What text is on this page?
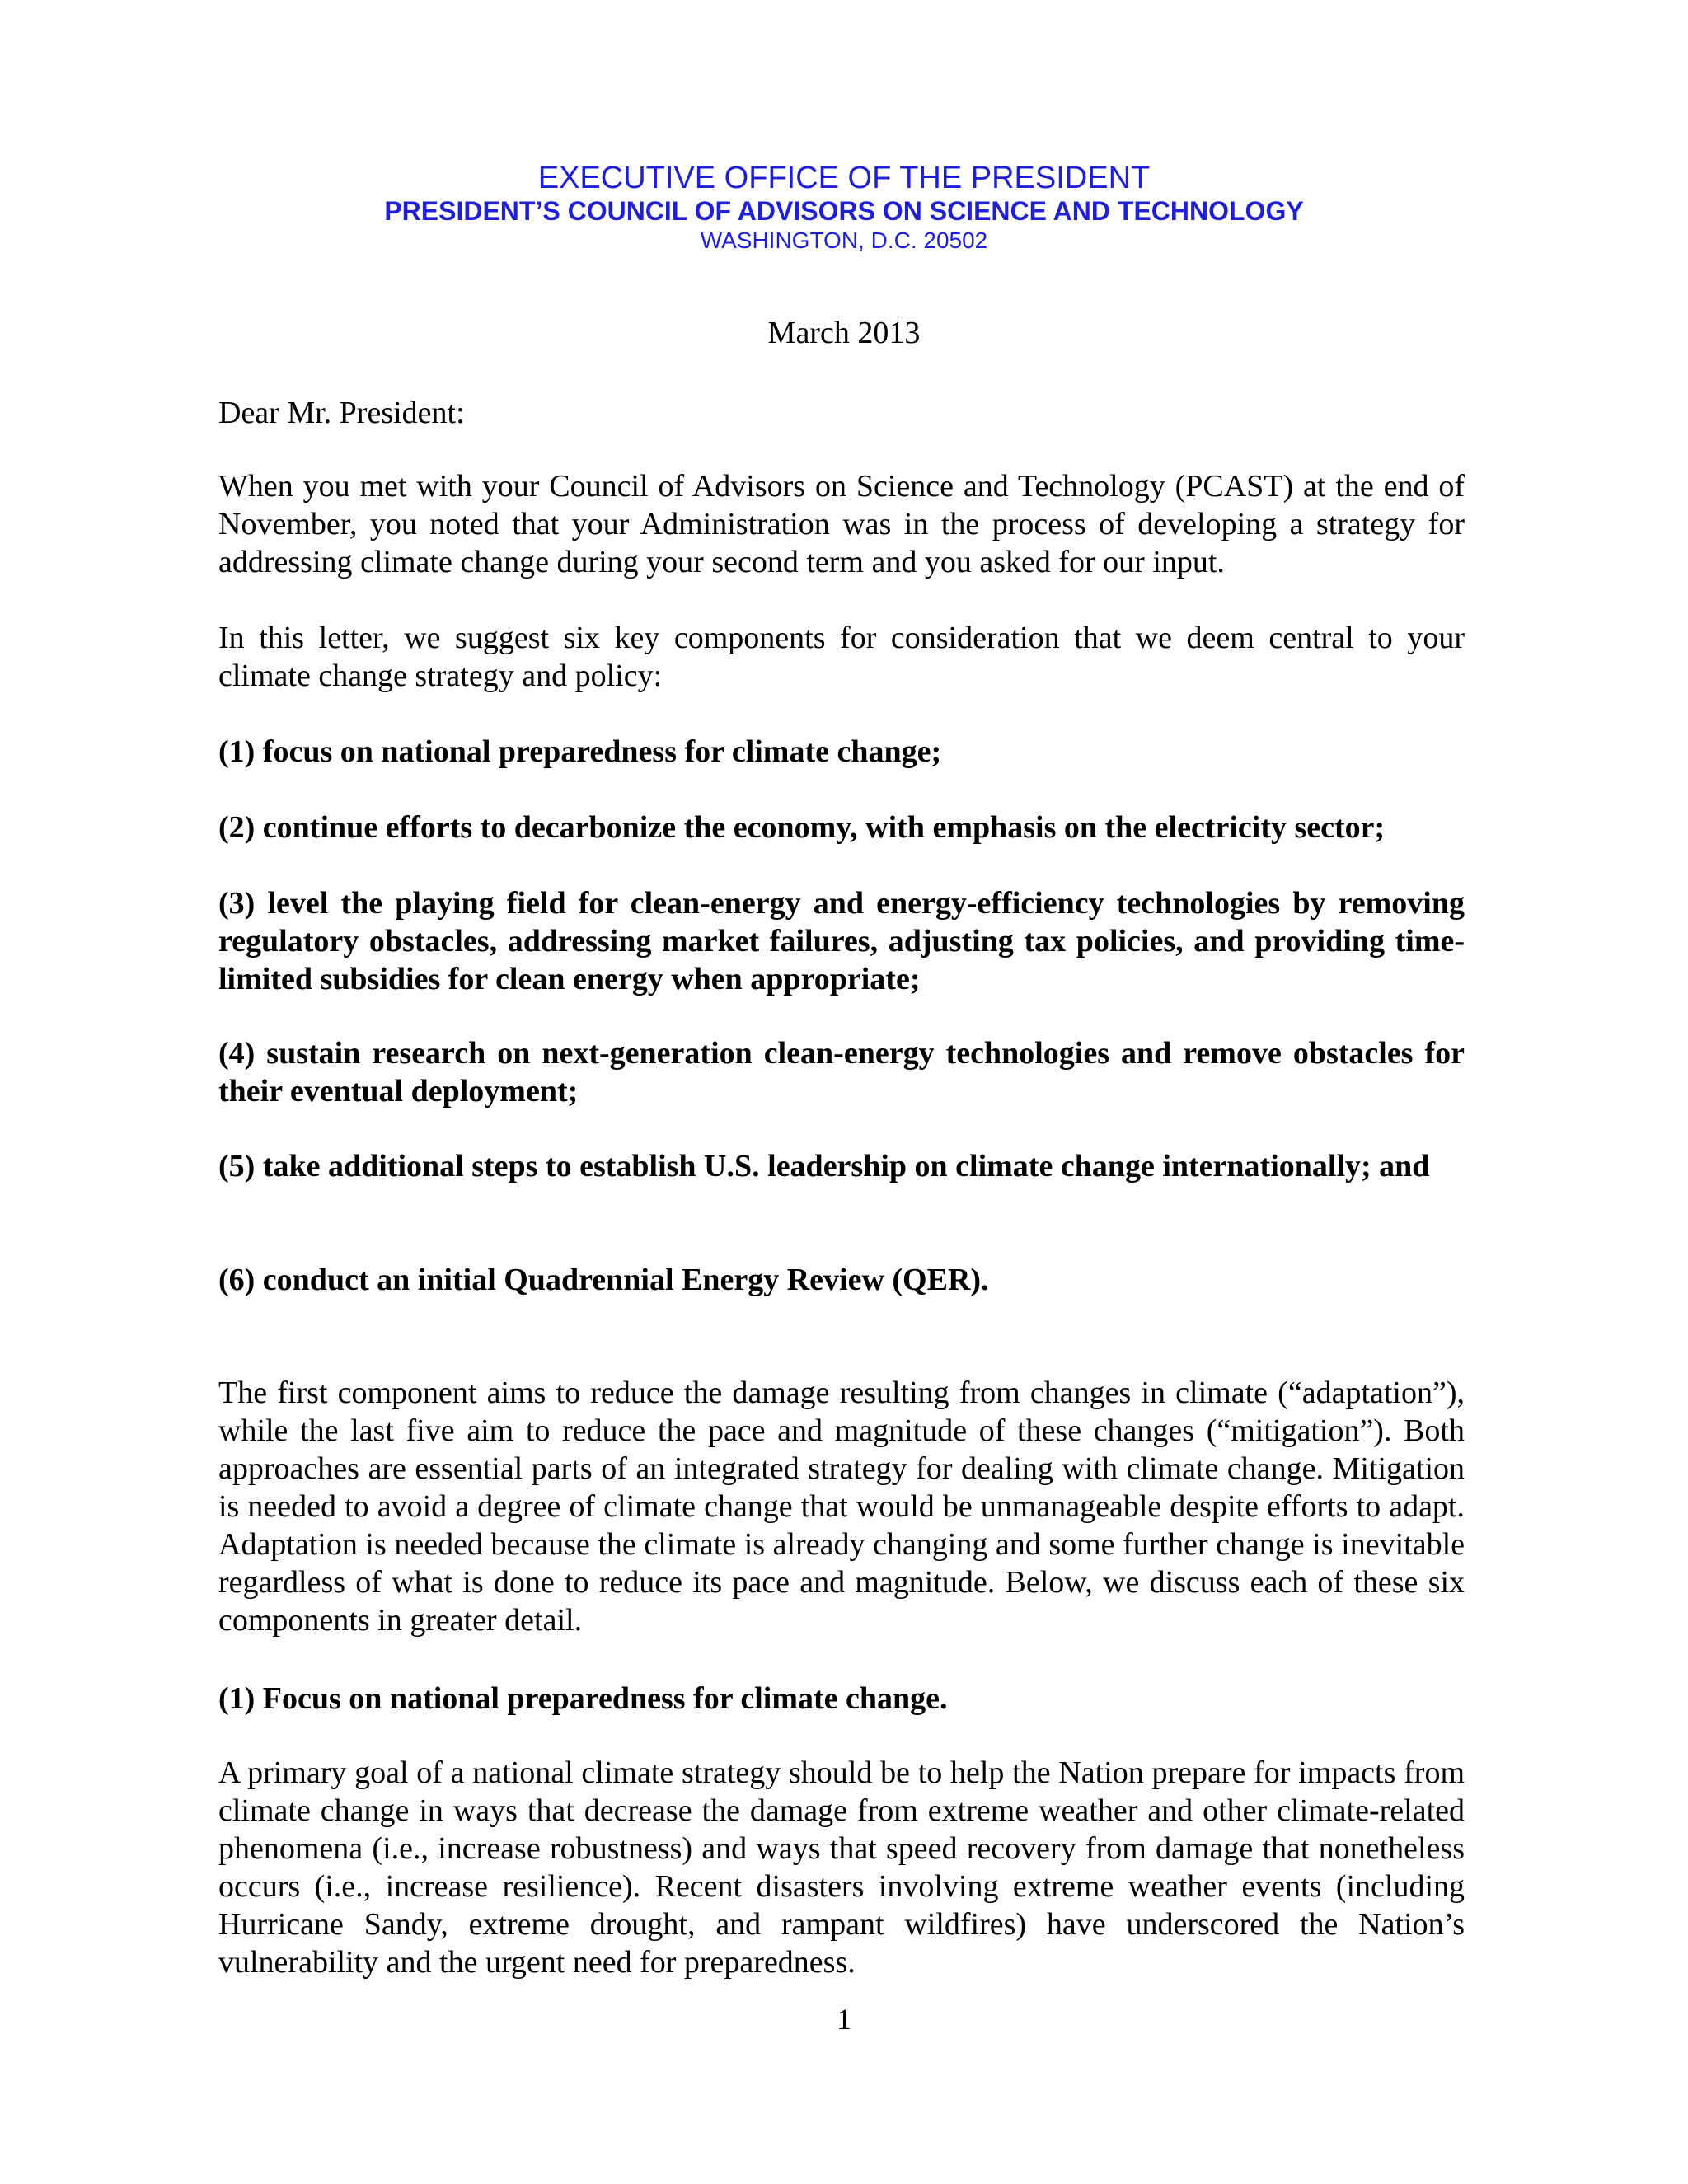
EXECUTIVE OFFICE OF THE PRESIDENT

PRESIDENT’S COUNCIL OF ADVISORS ON SCIENCE AND TECHNOLOGY

WASHINGTON, D.C. 20502

March 2013

Dear Mr. President:

When you met with your Council of Advisors on Science and Technology (PCAST) at the end of November, you noted that your Administration was in the process of developing a strategy for addressing climate change during your second term and you asked for our input.

In this letter, we suggest six key components for consideration that we deem central to your climate change strategy and policy:

(1) focus on national preparedness for climate change;

(2) continue efforts to decarbonize the economy, with emphasis on the electricity sector;

(3) level the playing field for clean-energy and energy-efficiency technologies by removing regulatory obstacles, addressing market failures, adjusting tax policies, and providing time-limited subsidies for clean energy when appropriate;

(4) sustain research on next-generation clean-energy technologies and remove obstacles for their eventual deployment;

(5) take additional steps to establish U.S. leadership on climate change internationally; and

(6) conduct an initial Quadrennial Energy Review (QER).

The first component aims to reduce the damage resulting from changes in climate (“adaptation”), while the last five aim to reduce the pace and magnitude of these changes (“mitigation”). Both approaches are essential parts of an integrated strategy for dealing with climate change. Mitigation is needed to avoid a degree of climate change that would be unmanageable despite efforts to adapt. Adaptation is needed because the climate is already changing and some further change is inevitable regardless of what is done to reduce its pace and magnitude. Below, we discuss each of these six components in greater detail.

(1) Focus on national preparedness for climate change.

A primary goal of a national climate strategy should be to help the Nation prepare for impacts from climate change in ways that decrease the damage from extreme weather and other climate-related phenomena (i.e., increase robustness) and ways that speed recovery from damage that nonetheless occurs (i.e., increase resilience). Recent disasters involving extreme weather events (including Hurricane Sandy, extreme drought, and rampant wildfires) have underscored the Nation’s vulnerability and the urgent need for preparedness.

1
